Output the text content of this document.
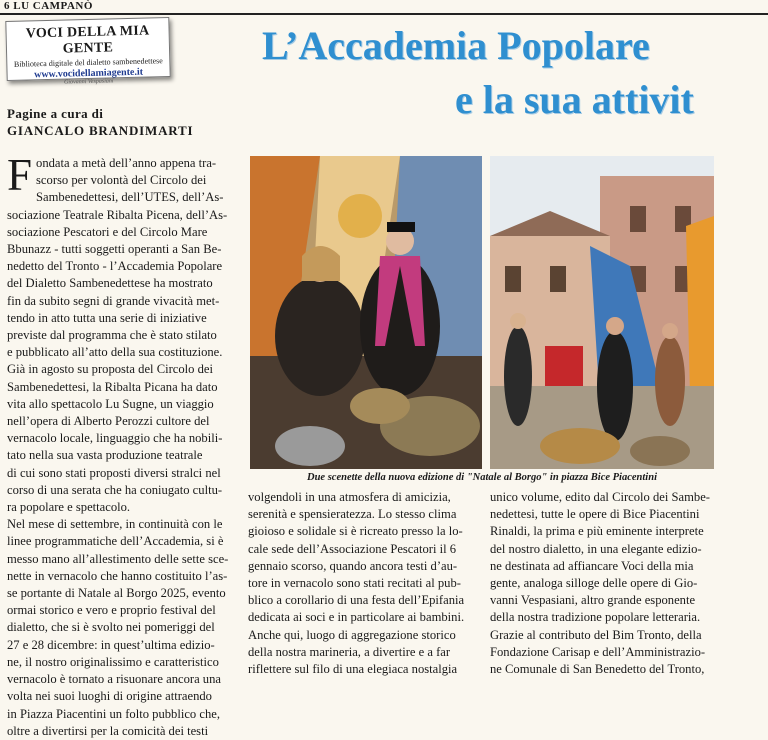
6 LU CAMPANÒ
VOCI DELLA MIA GENTE
Biblioteca digitale del dialetto sambenedettese
www.vocidellamiagente.it
Giovanni Vespasiani
L’Accademia Popolare
e la sua attivit
Pagine a cura di
GIANCALO BRANDIMARTI
F ondata a metà dell’anno appena tra-
scorso per volontà del Circolo dei
Sambenedettesi, dell’UTES, dell’As-
sociazione Teatrale Ribalta Picena, dell’As-
sociazione Pescatori e del Circolo Mare
Bbunazz - tutti soggetti operanti a San Be-
nedetto del Tronto - l’Accademia Popolare
del Dialetto Sambenedettese ha mostrato
fin da subito segni di grande vivacità met-
tendo in atto tutta una serie di iniziative
previste dal programma che è stato stilato
e pubblicato all’atto della sua costituzione.
Già in agosto su proposta del Circolo dei
Sambenedettesi, la Ribalta Picana ha dato
vita allo spettacolo Lu Sugne, un viaggio
nell’opera di Alberto Perozzi cultore del
vernacolo locale, linguaggio che ha nobili-
tato nella sua vasta produzione teatrale
di cui sono stati proposti diversi stralci nel
corso di una serata che ha coniugato cultu-
ra popolare e spettacolo.
Nel mese di settembre, in continuità con le
linee programmatiche dell’Accademia, si è
messo mano all’allestimento delle sette sce-
nette in vernacolo che hanno costituito l’as-
se portante di Natale al Borgo 2025, evento
ormai storico e vero e proprio festival del
dialetto, che si è svolto nei pomeriggi del
27 e 28 dicembre: in quest’ultima edizio-
ne, il nostro originalissimo e caratteristico
vernacolo è tornato a risuonare ancora una
volta nei suoi luoghi di origine attraendo
in Piazza Piacentini un folto pubblico che,
oltre a divertirsi per la comicità dei testi
Due scenette della nuova edizione di "Natale al Borgo" in piazza Bice Piacentini
volgendoli in una atmosfera di amicizia,
serenità e spensieratezza. Lo stesso clima
gioioso e solidale si è ricreato presso la lo-
cale sede dell’Associazione Pescatori il 6
gennaio scorso, quando ancora testi d’au-
tore in vernacolo sono stati recitati al pub-
blico a corollario di una festa dell’Epifania
dedicata ai soci e in particolare ai bambini.
Anche qui, luogo di aggregazione storico
della nostra marineria, a divertire e a far
riflettere sul filo di una elegiaca nostalgia
unico volume, edito dal Circolo dei Sambe-
nedettesi, tutte le opere di Bice Piacentini
Rinaldi, la prima e più eminente interprete
del nostro dialetto, in una elegante edizio-
ne destinata ad affiancare Voci della mia
gente, analoga silloge delle opere di Gio-
vanni Vespasiani, altro grande esponente
della nostra tradizione popolare letteraria.
Grazie al contributo del Bim Tronto, della
Fondazione Carisap e dell’Amministrazio-
ne Comunale di San Benedetto del Tronto,
